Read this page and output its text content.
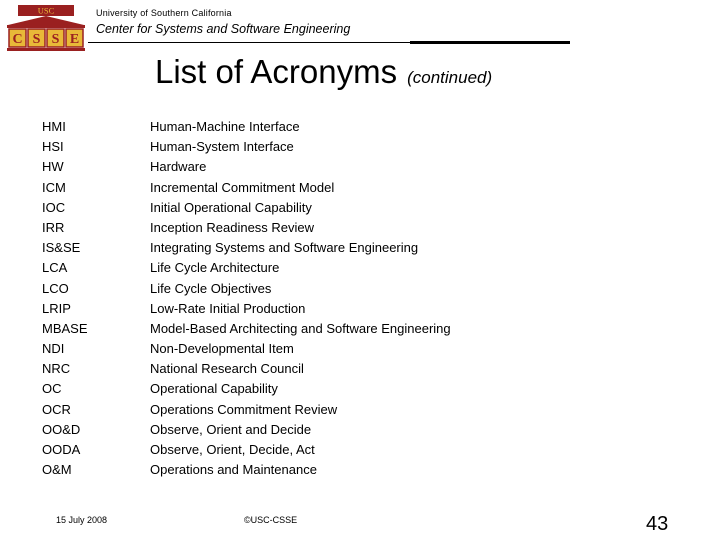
USC
C S S E
University of Southern California
Center for Systems and Software Engineering
List of Acronyms (continued)
HMI	Human-Machine Interface
HSI	Human-System Interface
HW	Hardware
ICM	Incremental Commitment Model
IOC	Initial Operational Capability
IRR	Inception Readiness Review
IS&SE	Integrating Systems and Software Engineering
LCA	Life Cycle Architecture
LCO	Life Cycle Objectives
LRIP	Low-Rate Initial Production
MBASE	Model-Based Architecting and Software Engineering
NDI	Non-Developmental Item
NRC	National Research Council
OC	Operational Capability
OCR	Operations Commitment Review
OO&D	Observe, Orient and Decide
OODA	Observe, Orient, Decide, Act
O&M	Operations and Maintenance
15 July 2008	©USC-CSSE	43
